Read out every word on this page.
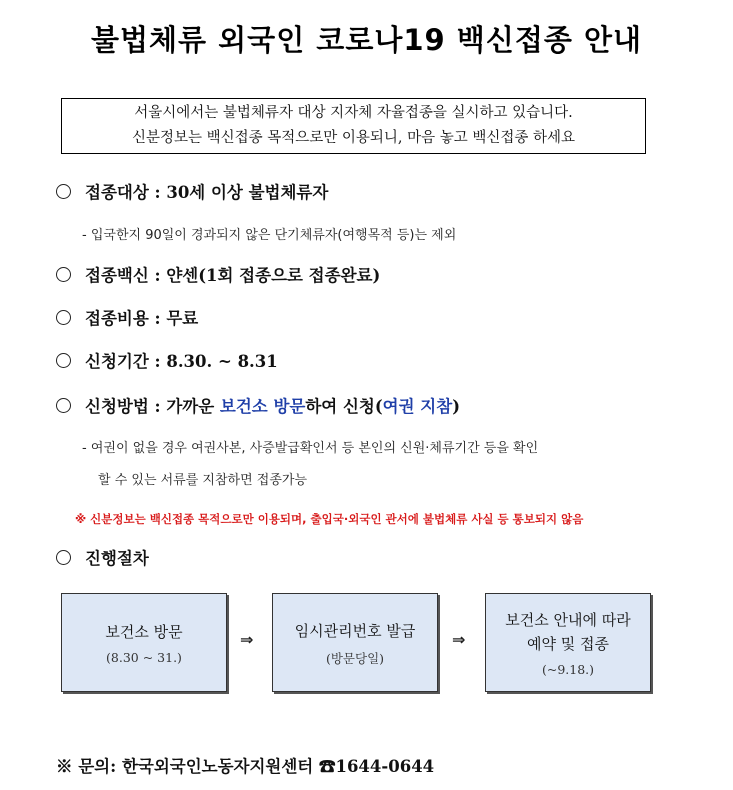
불법체류 외국인 코로나19 백신접종 안내
서울시에서는 불법체류자 대상 지자체 자율접종을 실시하고 있습니다.
신분정보는 백신접종 목적으로만 이용되니, 마음 놓고 백신접종 하세요
접종대상 : 30세 이상 불법체류자
- 입국한지 90일이 경과되지 않은 단기체류자(여행목적 등)는 제외
접종백신 : 얀센(1회 접종으로 접종완료)
접종비용 : 무료
신청기간 : 8.30. ~ 8.31
신청방법 : 가까운 보건소 방문하여 신청(여권 지참)
- 여권이 없을 경우 여권사본, 사증발급확인서 등 본인의 신원·체류기간 등을 확인
할 수 있는 서류를 지참하면 접종가능
※ 신분정보는 백신접종 목적으로만 이용되며, 출입국·외국인 관서에 불법체류 사실 등 통보되지 않음
진행절차
보건소 방문
(8.30 ~ 31.)
⇒	임시관리번호 발급
(방문당일)
⇒
보건소 안내에 따라
예약 및 접종
(~9.18.)
※ 문의: 한국외국인노동자지원센터 ☎1644-0644
